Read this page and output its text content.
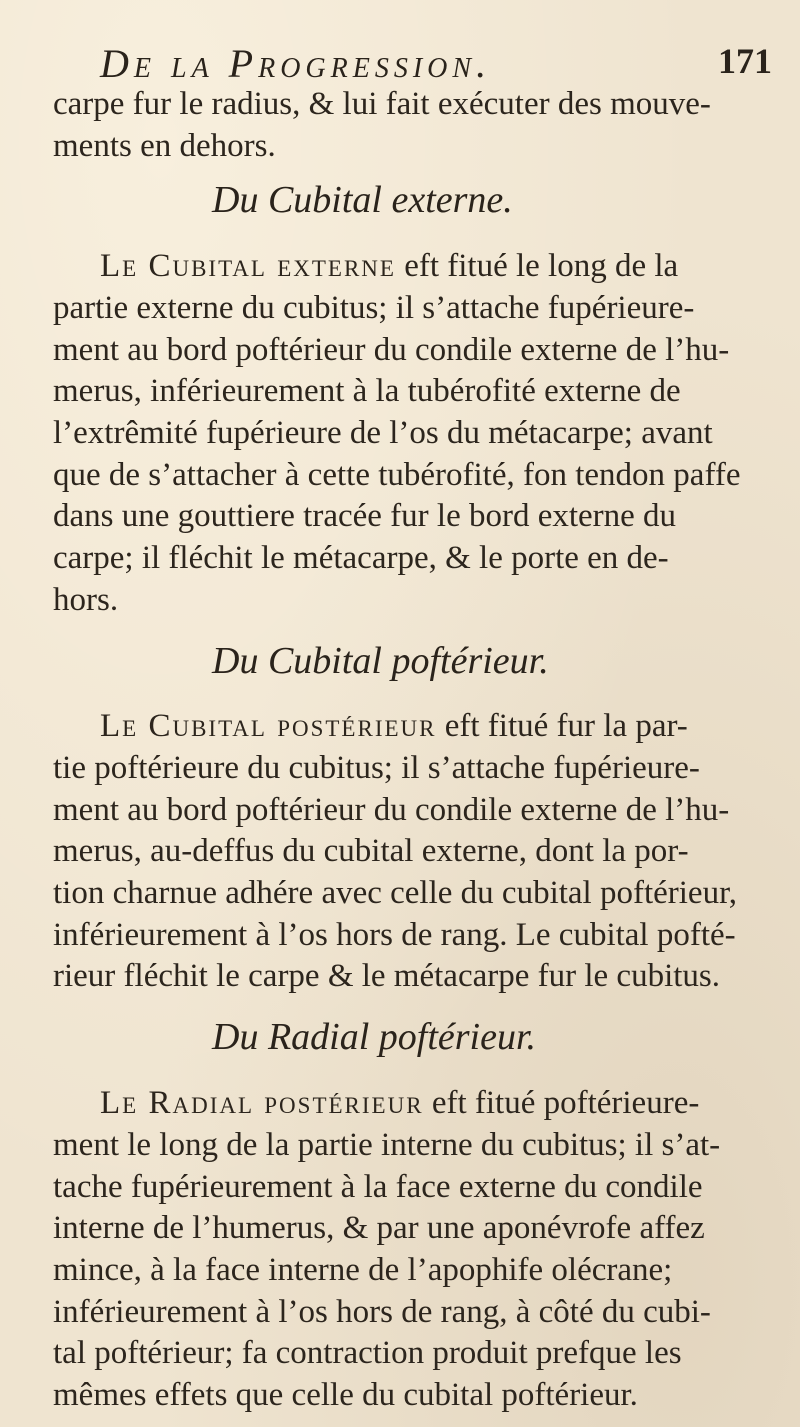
De la Progression.	171
carpe fur le radius, & lui fait exécuter des mouve-
ments en dehors.
Du Cubital externe.
Le Cubital externe eft fitué le long de la
partie externe du cubitus; il s’attache fupérieure-
ment au bord poftérieur du condile externe de l’hu-
merus, inférieurement à la tubérofité externe de
l’extrêmité fupérieure de l’os du métacarpe; avant
que de s’attacher à cette tubérofité, fon tendon paffe
dans une gouttiere tracée fur le bord externe du
carpe; il fléchit le métacarpe, & le porte en de-
hors.
Du Cubital poftérieur.
Le Cubital postérieur eft fitué fur la par-
tie poftérieure du cubitus; il s’attache fupérieure-
ment au bord poftérieur du condile externe de l’hu-
merus, au-deffus du cubital externe, dont la por-
tion charnue adhére avec celle du cubital poftérieur,
inférieurement à l’os hors de rang. Le cubital pofté-
rieur fléchit le carpe & le métacarpe fur le cubitus.
Du Radial poftérieur.
Le Radial postérieur eft fitué poftérieure-
ment le long de la partie interne du cubitus; il s’at-
tache fupérieurement à la face externe du condile
interne de l’humerus, & par une aponévrofe affez
mince, à la face interne de l’apophife olécrane;
inférieurement à l’os hors de rang, à côté du cubi-
tal poftérieur; fa contraction produit prefque les
mêmes effets que celle du cubital poftérieur.
